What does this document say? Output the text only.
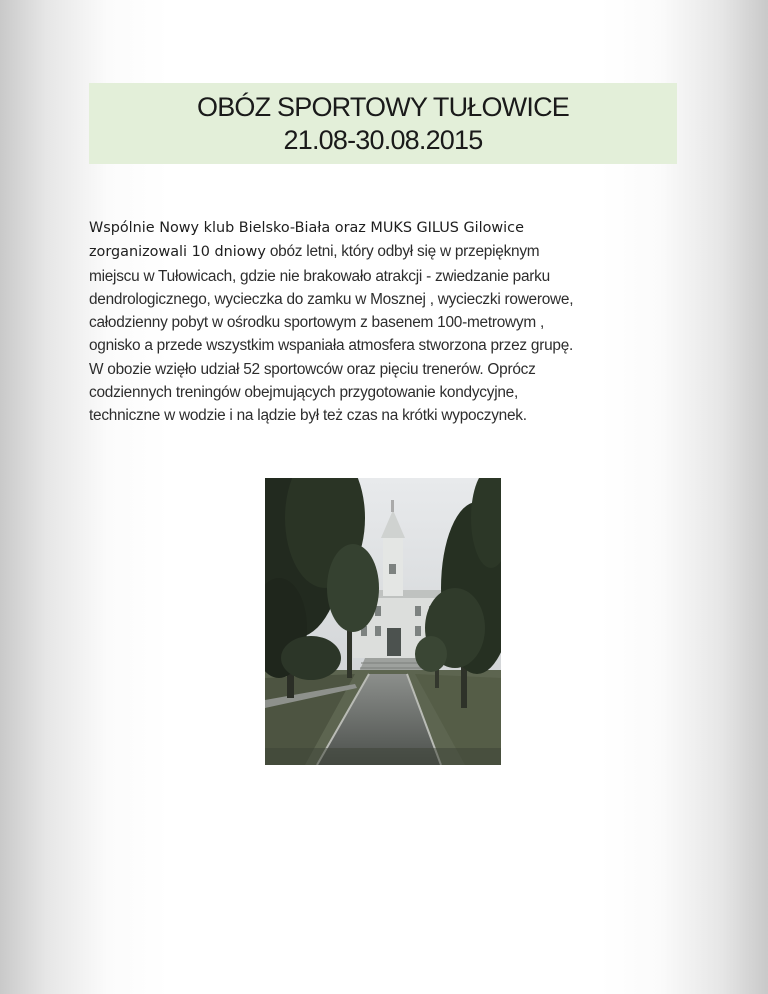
OBÓZ SPORTOWY TUŁOWICE
21.08-30.08.2015
Wspólnie Nowy klub Bielsko-Biała oraz MUKS GILUS Gilowice
zorganizowali 10 dniowy obóz letni, który odbył się w przepięknym
miejscu w Tułowicach, gdzie nie brakowało atrakcji - zwiedzanie parku
dendrologicznego, wycieczka do zamku w Mosznej , wycieczki rowerowe,
całodzienny pobyt w ośrodku sportowym z basenem 100-metrowym ,
ognisko a przede wszystkim wspaniała atmosfera stworzona przez grupę.
W obozie wzięło udział 52 sportowców oraz pięciu trenerów. Oprócz
codziennych treningów obejmujących przygotowanie kondycyjne,
techniczne w wodzie i na lądzie był też czas na krótki wypoczynek.
